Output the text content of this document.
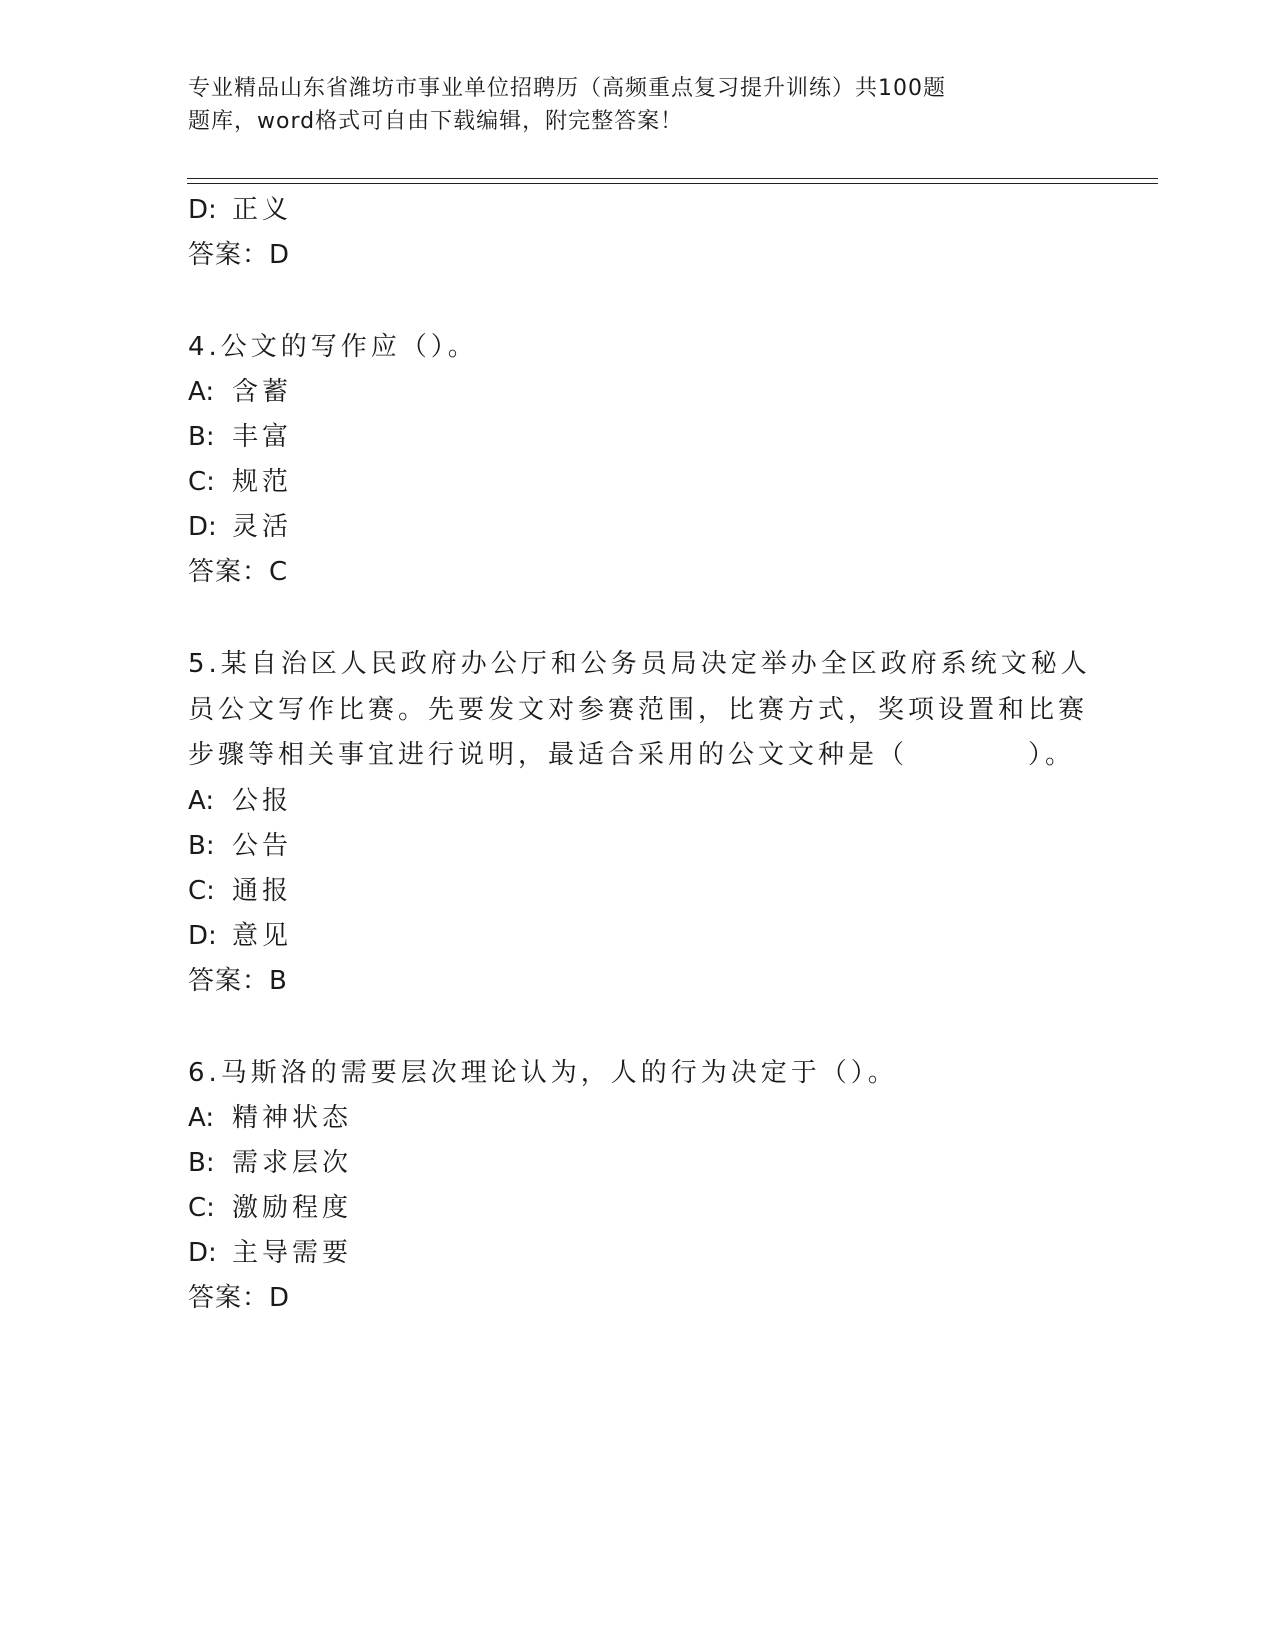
专业精品山东省潍坊市事业单位招聘历（高频重点复习提升训练）共100题
题库，word格式可自由下载编辑，附完整答案！
D: 正义
答案：D
4.公文的写作应（）。
A: 含蓄
B: 丰富
C: 规范
D: 灵活
答案：C
5.某自治区人民政府办公厅和公务员局决定举办全区政府系统文秘人
员公文写作比赛。先要发文对参赛范围，比赛方式，奖项设置和比赛
步骤等相关事宜进行说明，最适合采用的公文文种是（　　　　）。
A: 公报
B: 公告
C: 通报
D: 意见
答案：B
6.马斯洛的需要层次理论认为，人的行为决定于（）。
A: 精神状态
B: 需求层次
C: 激励程度
D: 主导需要
答案：D
